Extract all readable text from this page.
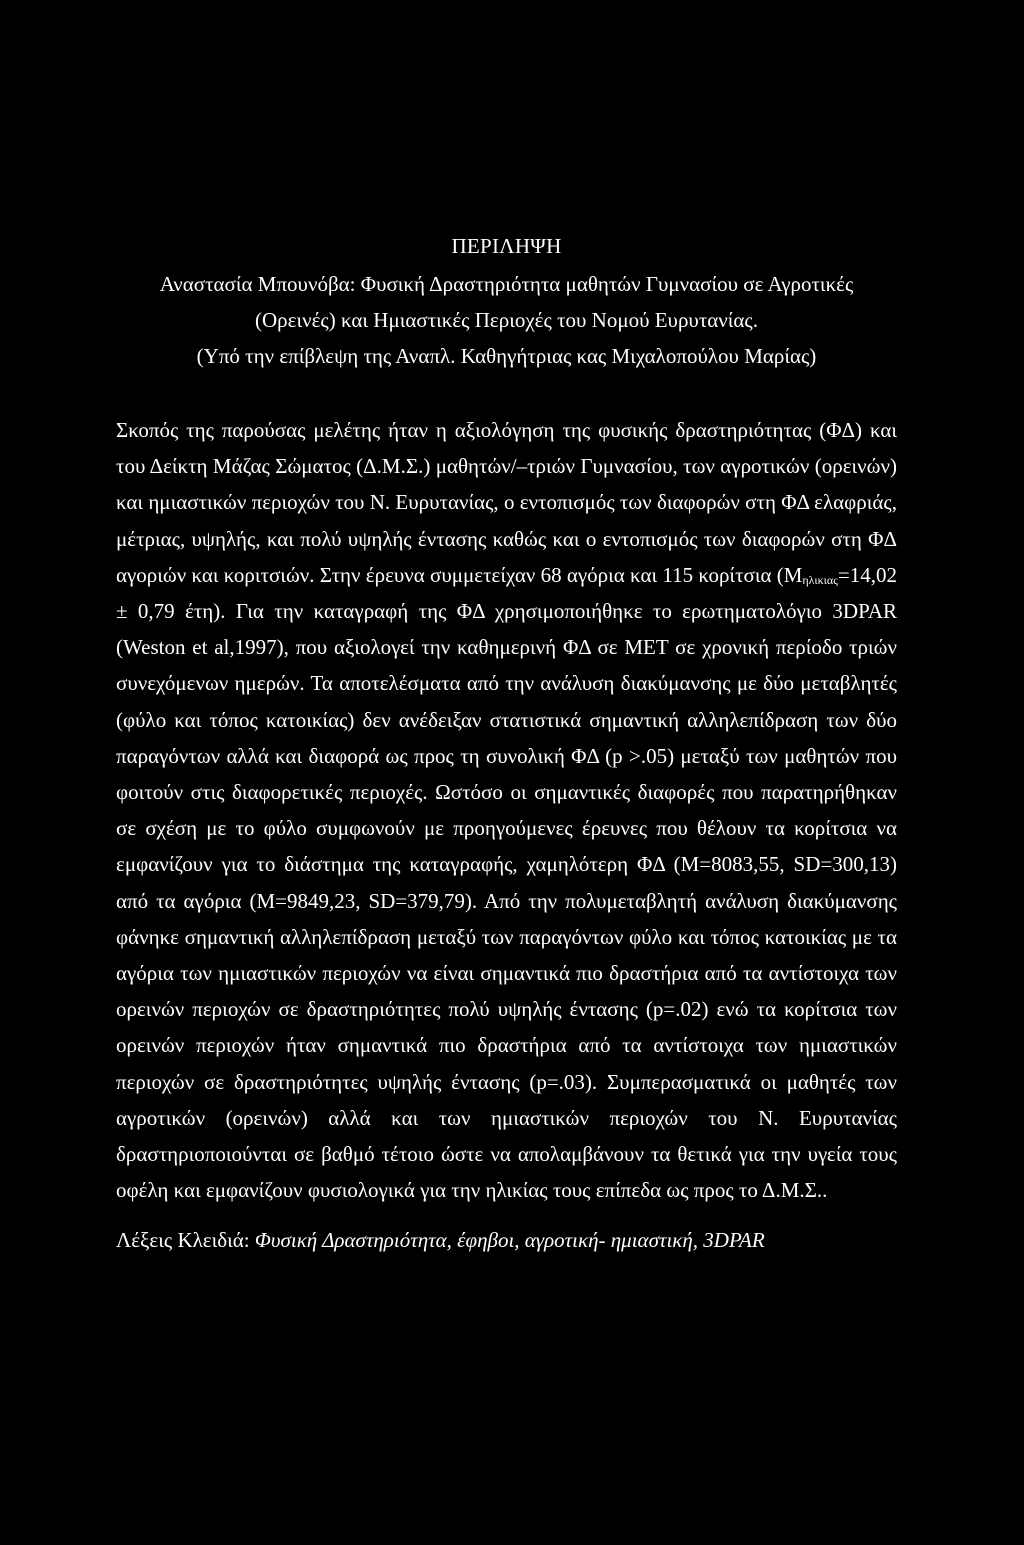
ΠΕΡΙΛΗΨΗ

Αναστασία Μπουνόβα: Φυσική Δραστηριότητα μαθητών Γυμνασίου σε Αγροτικές

(Ορεινές) και Ημιαστικές Περιοχές του Νομού Ευρυτανίας.

(Υπό την επίβλεψη της Αναπλ. Καθηγήτριας κας Μιχαλοπούλου Μαρίας)

Σκοπός της παρούσας μελέτης ήταν η αξιολόγηση της φυσικής δραστηριότητας (ΦΔ) και του Δείκτη Μάζας Σώματος (Δ.Μ.Σ.) μαθητών/–τριών Γυμνασίου, των αγροτικών (ορεινών) και ημιαστικών περιοχών του Ν. Ευρυτανίας, ο εντοπισμός των διαφορών στη ΦΔ ελαφριάς, μέτριας, υψηλής, και πολύ υψηλής έντασης καθώς και ο εντοπισμός των διαφορών στη ΦΔ αγοριών και κοριτσιών. Στην έρευνα συμμετείχαν 68 αγόρια και 115 κορίτσια (Μηλικιας=14,02 ± 0,79 έτη). Για την καταγραφή της ΦΔ χρησιμοποιήθηκε το ερωτηματολόγιο 3DPAR (Weston et al,1997), που αξιολογεί την καθημερινή ΦΔ σε ΜΕΤ σε χρονική περίοδο τριών συνεχόμενων ημερών. Τα αποτελέσματα από την ανάλυση διακύμανσης με δύο μεταβλητές (φύλο και τόπος κατοικίας) δεν ανέδειξαν στατιστικά σημαντική αλληλεπίδραση των δύο παραγόντων αλλά και διαφορά ως προς τη συνολική ΦΔ (p >.05) μεταξύ των μαθητών που φοιτούν στις διαφορετικές περιοχές. Ωστόσο οι σημαντικές διαφορές που παρατηρήθηκαν σε σχέση με το φύλο συμφωνούν με προηγούμενες έρευνες που θέλουν τα κορίτσια να εμφανίζουν για το διάστημα της καταγραφής, χαμηλότερη ΦΔ (Μ=8083,55, SD=300,13) από τα αγόρια (Μ=9849,23, SD=379,79). Από την πολυμεταβλητή ανάλυση διακύμανσης φάνηκε σημαντική αλληλεπίδραση μεταξύ των παραγόντων φύλο και τόπος κατοικίας με τα αγόρια των ημιαστικών περιοχών να είναι σημαντικά πιο δραστήρια από τα αντίστοιχα των ορεινών περιοχών σε δραστηριότητες πολύ υψηλής έντασης (p=.02) ενώ τα κορίτσια των ορεινών περιοχών ήταν σημαντικά πιο δραστήρια από τα αντίστοιχα των ημιαστικών περιοχών σε δραστηριότητες υψηλής έντασης (p=.03). Συμπερασματικά οι μαθητές των αγροτικών (ορεινών) αλλά και των ημιαστικών περιοχών του Ν. Ευρυτανίας δραστηριοποιούνται σε βαθμό τέτοιο ώστε να απολαμβάνουν τα θετικά για την υγεία τους οφέλη και εμφανίζουν φυσιολογικά για την ηλικίας τους επίπεδα ως προς το Δ.Μ.Σ..
Λέξεις Κλειδιά: Φυσική Δραστηριότητα, έφηβοι, αγροτική- ημιαστική, 3DPAR
